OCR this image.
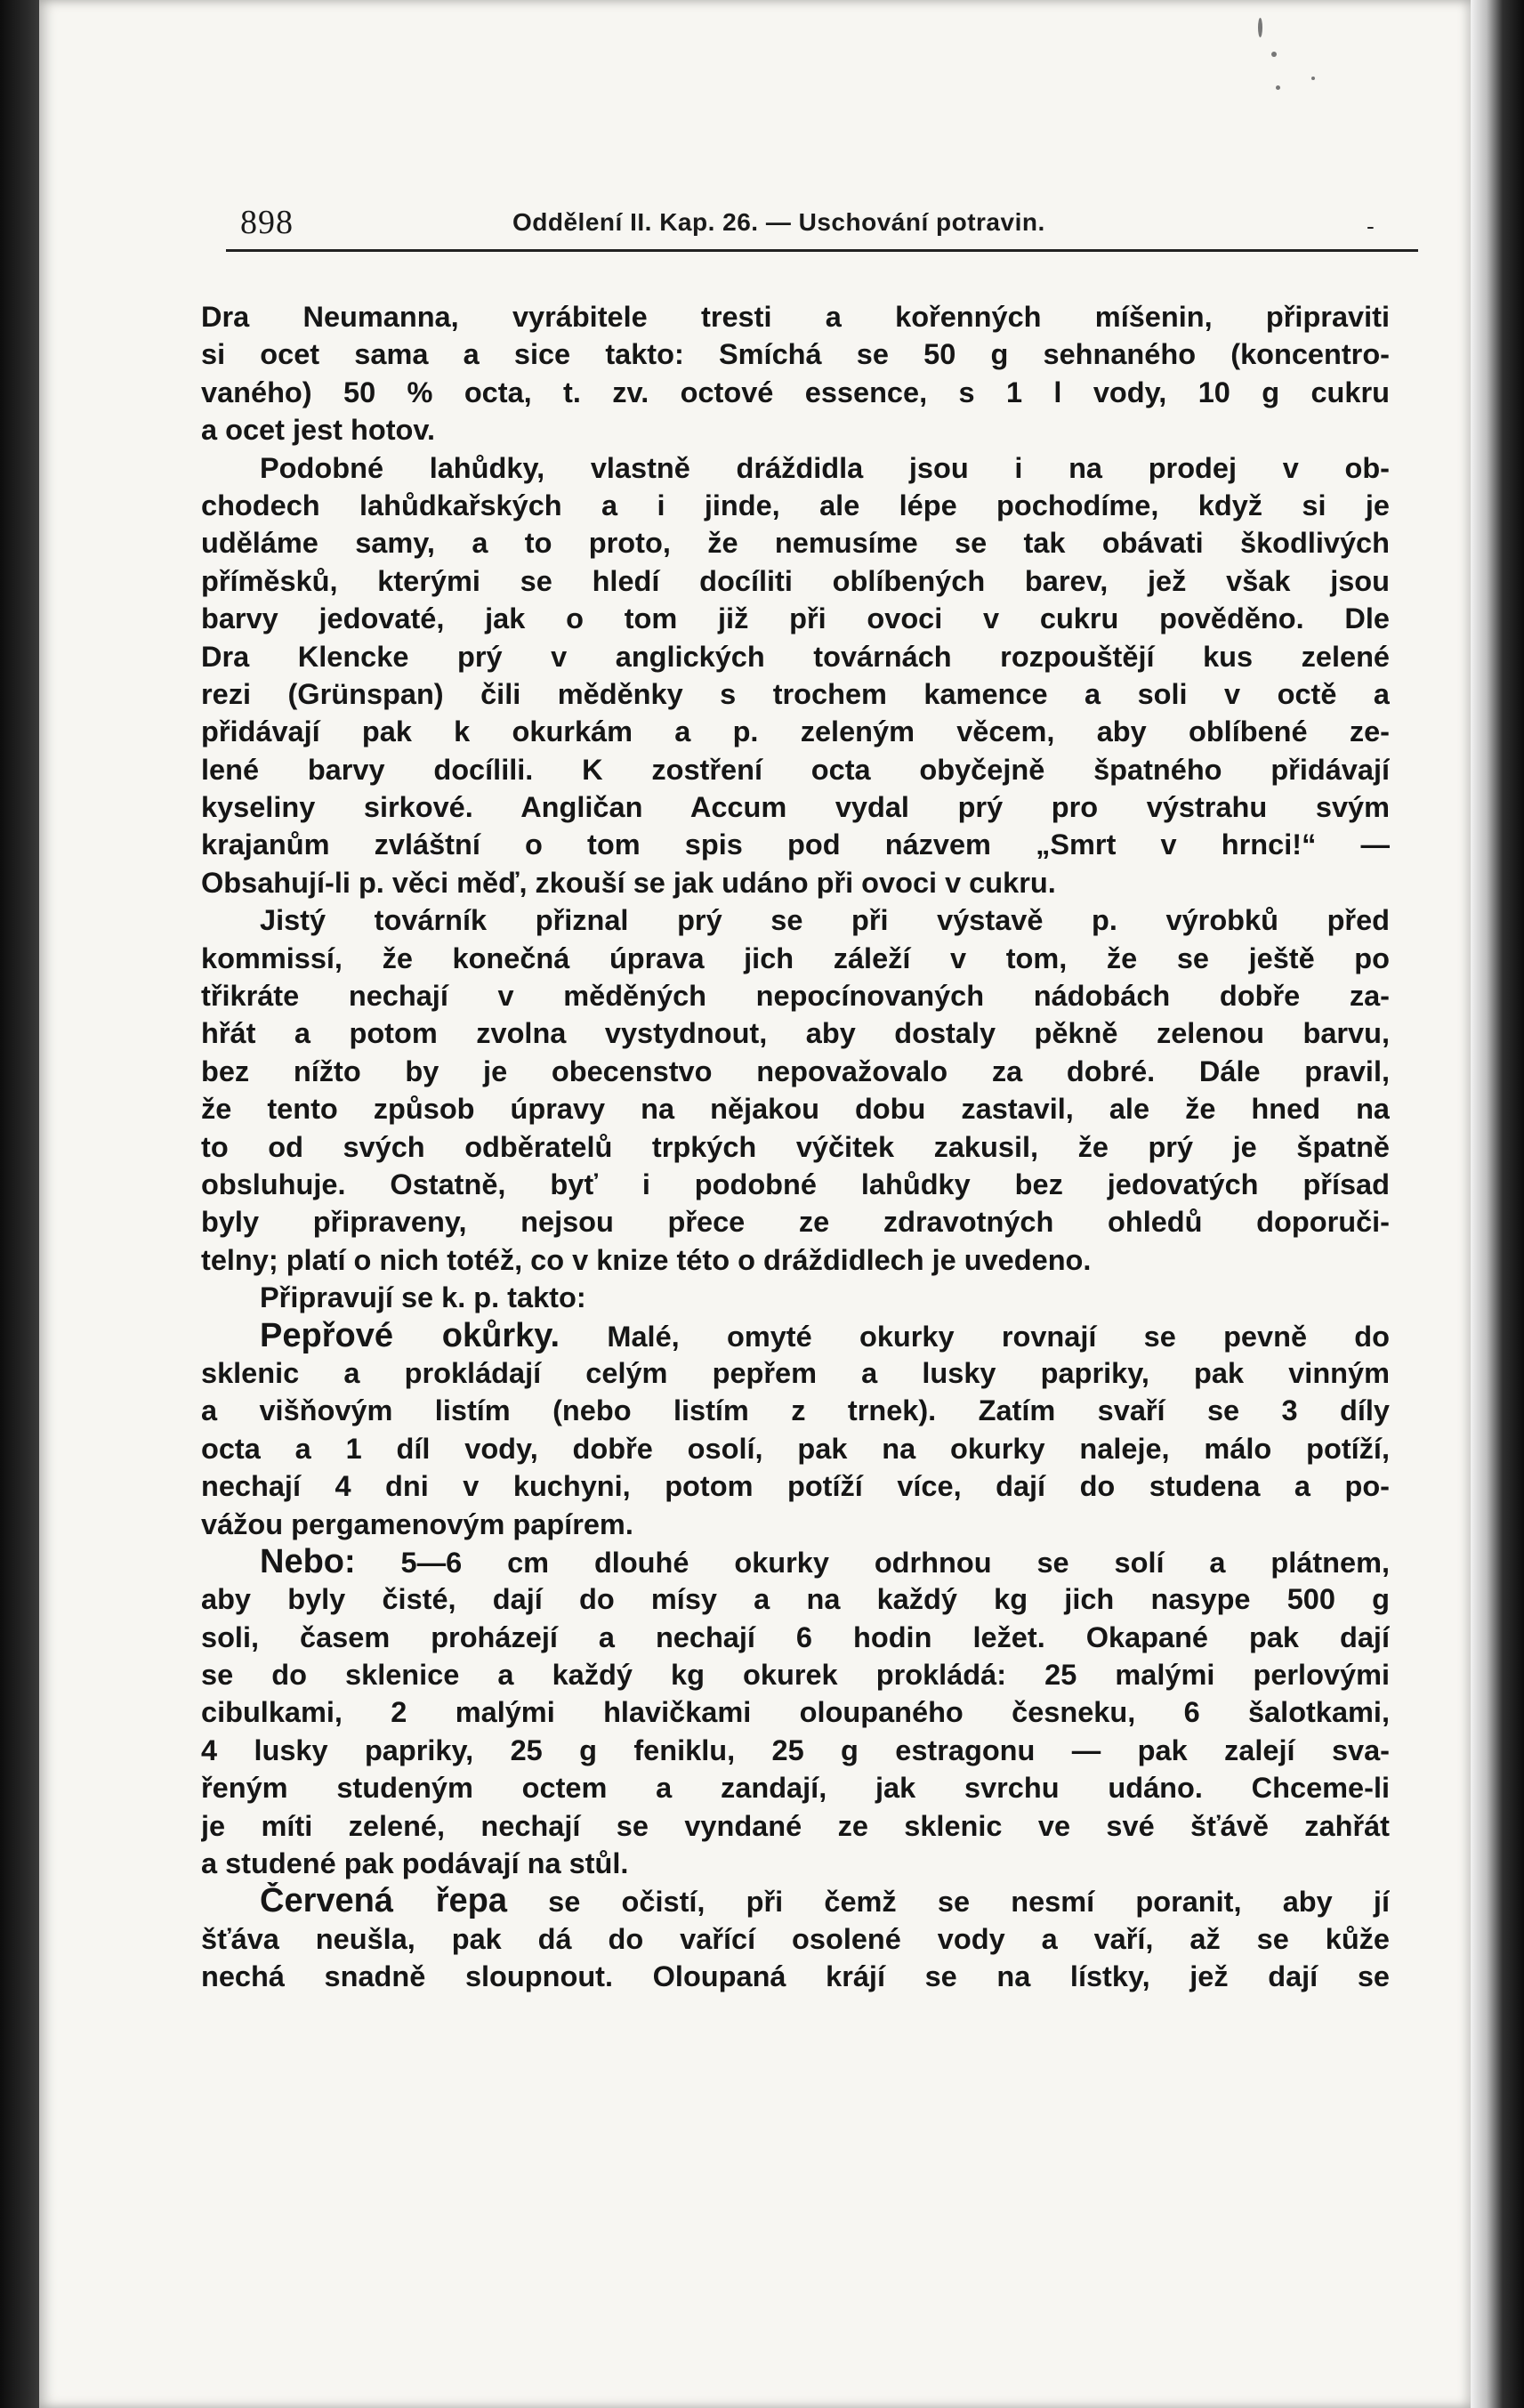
898	Oddělení II. Kap. 26. — Uschování potravin.	-
Dra Neumanna, vyrábitele tresti a kořenných míšenin, připraviti
si ocet sama a sice takto: Smíchá se 50 g sehnaného (koncentro-
vaného) 50 % octa, t. zv. octové essence, s 1 l vody, 10 g cukru
a ocet jest hotov.
Podobné lahůdky, vlastně dráždidla jsou i na prodej v ob-
chodech lahůdkařských a i jinde, ale lépe pochodíme, když si je
uděláme samy, a to proto, že nemusíme se tak obávati škodlivých
příměsků, kterými se hledí docíliti oblíbených barev, jež však jsou
barvy jedovaté, jak o tom již při ovoci v cukru pověděno. Dle
Dra Klencke prý v anglických továrnách rozpouštějí kus zelené
rezi (Grünspan) čili měděnky s trochem kamence a soli v octě a
přidávají pak k okurkám a p. zeleným věcem, aby oblíbené ze-
lené barvy docílili. K zostření octa obyčejně špatného přidávají
kyseliny sirkové. Angličan Accum vydal prý pro výstrahu svým
krajanům zvláštní o tom spis pod názvem „Smrt v hrnci!“ —
Obsahují-li p. věci měď, zkouší se jak udáno při ovoci v cukru.
Jistý továrník přiznal prý se při výstavě p. výrobků před
kommissí, že konečná úprava jich záleží v tom, že se ještě po
třikráte nechají v měděných nepocínovaných nádobách dobře za-
hřát a potom zvolna vystydnout, aby dostaly pěkně zelenou barvu,
bez nížto by je obecenstvo nepovažovalo za dobré. Dále pravil,
že tento způsob úpravy na nějakou dobu zastavil, ale že hned na
to od svých odběratelů trpkých výčitek zakusil, že prý je špatně
obsluhuje. Ostatně, byť i podobné lahůdky bez jedovatých přísad
byly připraveny, nejsou přece ze zdravotných ohledů doporuči-
telny; platí o nich totéž, co v knize této o dráždidlech je uvedeno.
Připravují se k. p. takto:
Pepřové okůrky. Malé, omyté okurky rovnají se pevně do
sklenic a prokládají celým pepřem a lusky papriky, pak vinným
a višňovým listím (nebo listím z trnek). Zatím svaří se 3 díly
octa a 1 díl vody, dobře osolí, pak na okurky naleje, málo potíží,
nechají 4 dni v kuchyni, potom potíží více, dají do studena a po-
vážou pergamenovým papírem.
Nebo: 5—6 cm dlouhé okurky odrhnou se solí a plátnem,
aby byly čisté, dají do mísy a na každý kg jich nasype 500 g
soli, časem proházejí a nechají 6 hodin ležet. Okapané pak dají
se do sklenice a každý kg okurek prokládá: 25 malými perlovými
cibulkami, 2 malými hlavičkami oloupaného česneku, 6 šalotkami,
4 lusky papriky, 25 g feniklu, 25 g estragonu — pak zalejí sva-
řeným studeným octem a zandají, jak svrchu udáno. Chceme-li
je míti zelené, nechají se vyndané ze sklenic ve své šťávě zahřát
a studené pak podávají na stůl.
Červená řepa se očistí, při čemž se nesmí poranit, aby jí
šťáva neušla, pak dá do vařící osolené vody a vaří, až se kůže
nechá snadně sloupnout. Oloupaná krájí se na lístky, jež dají se
